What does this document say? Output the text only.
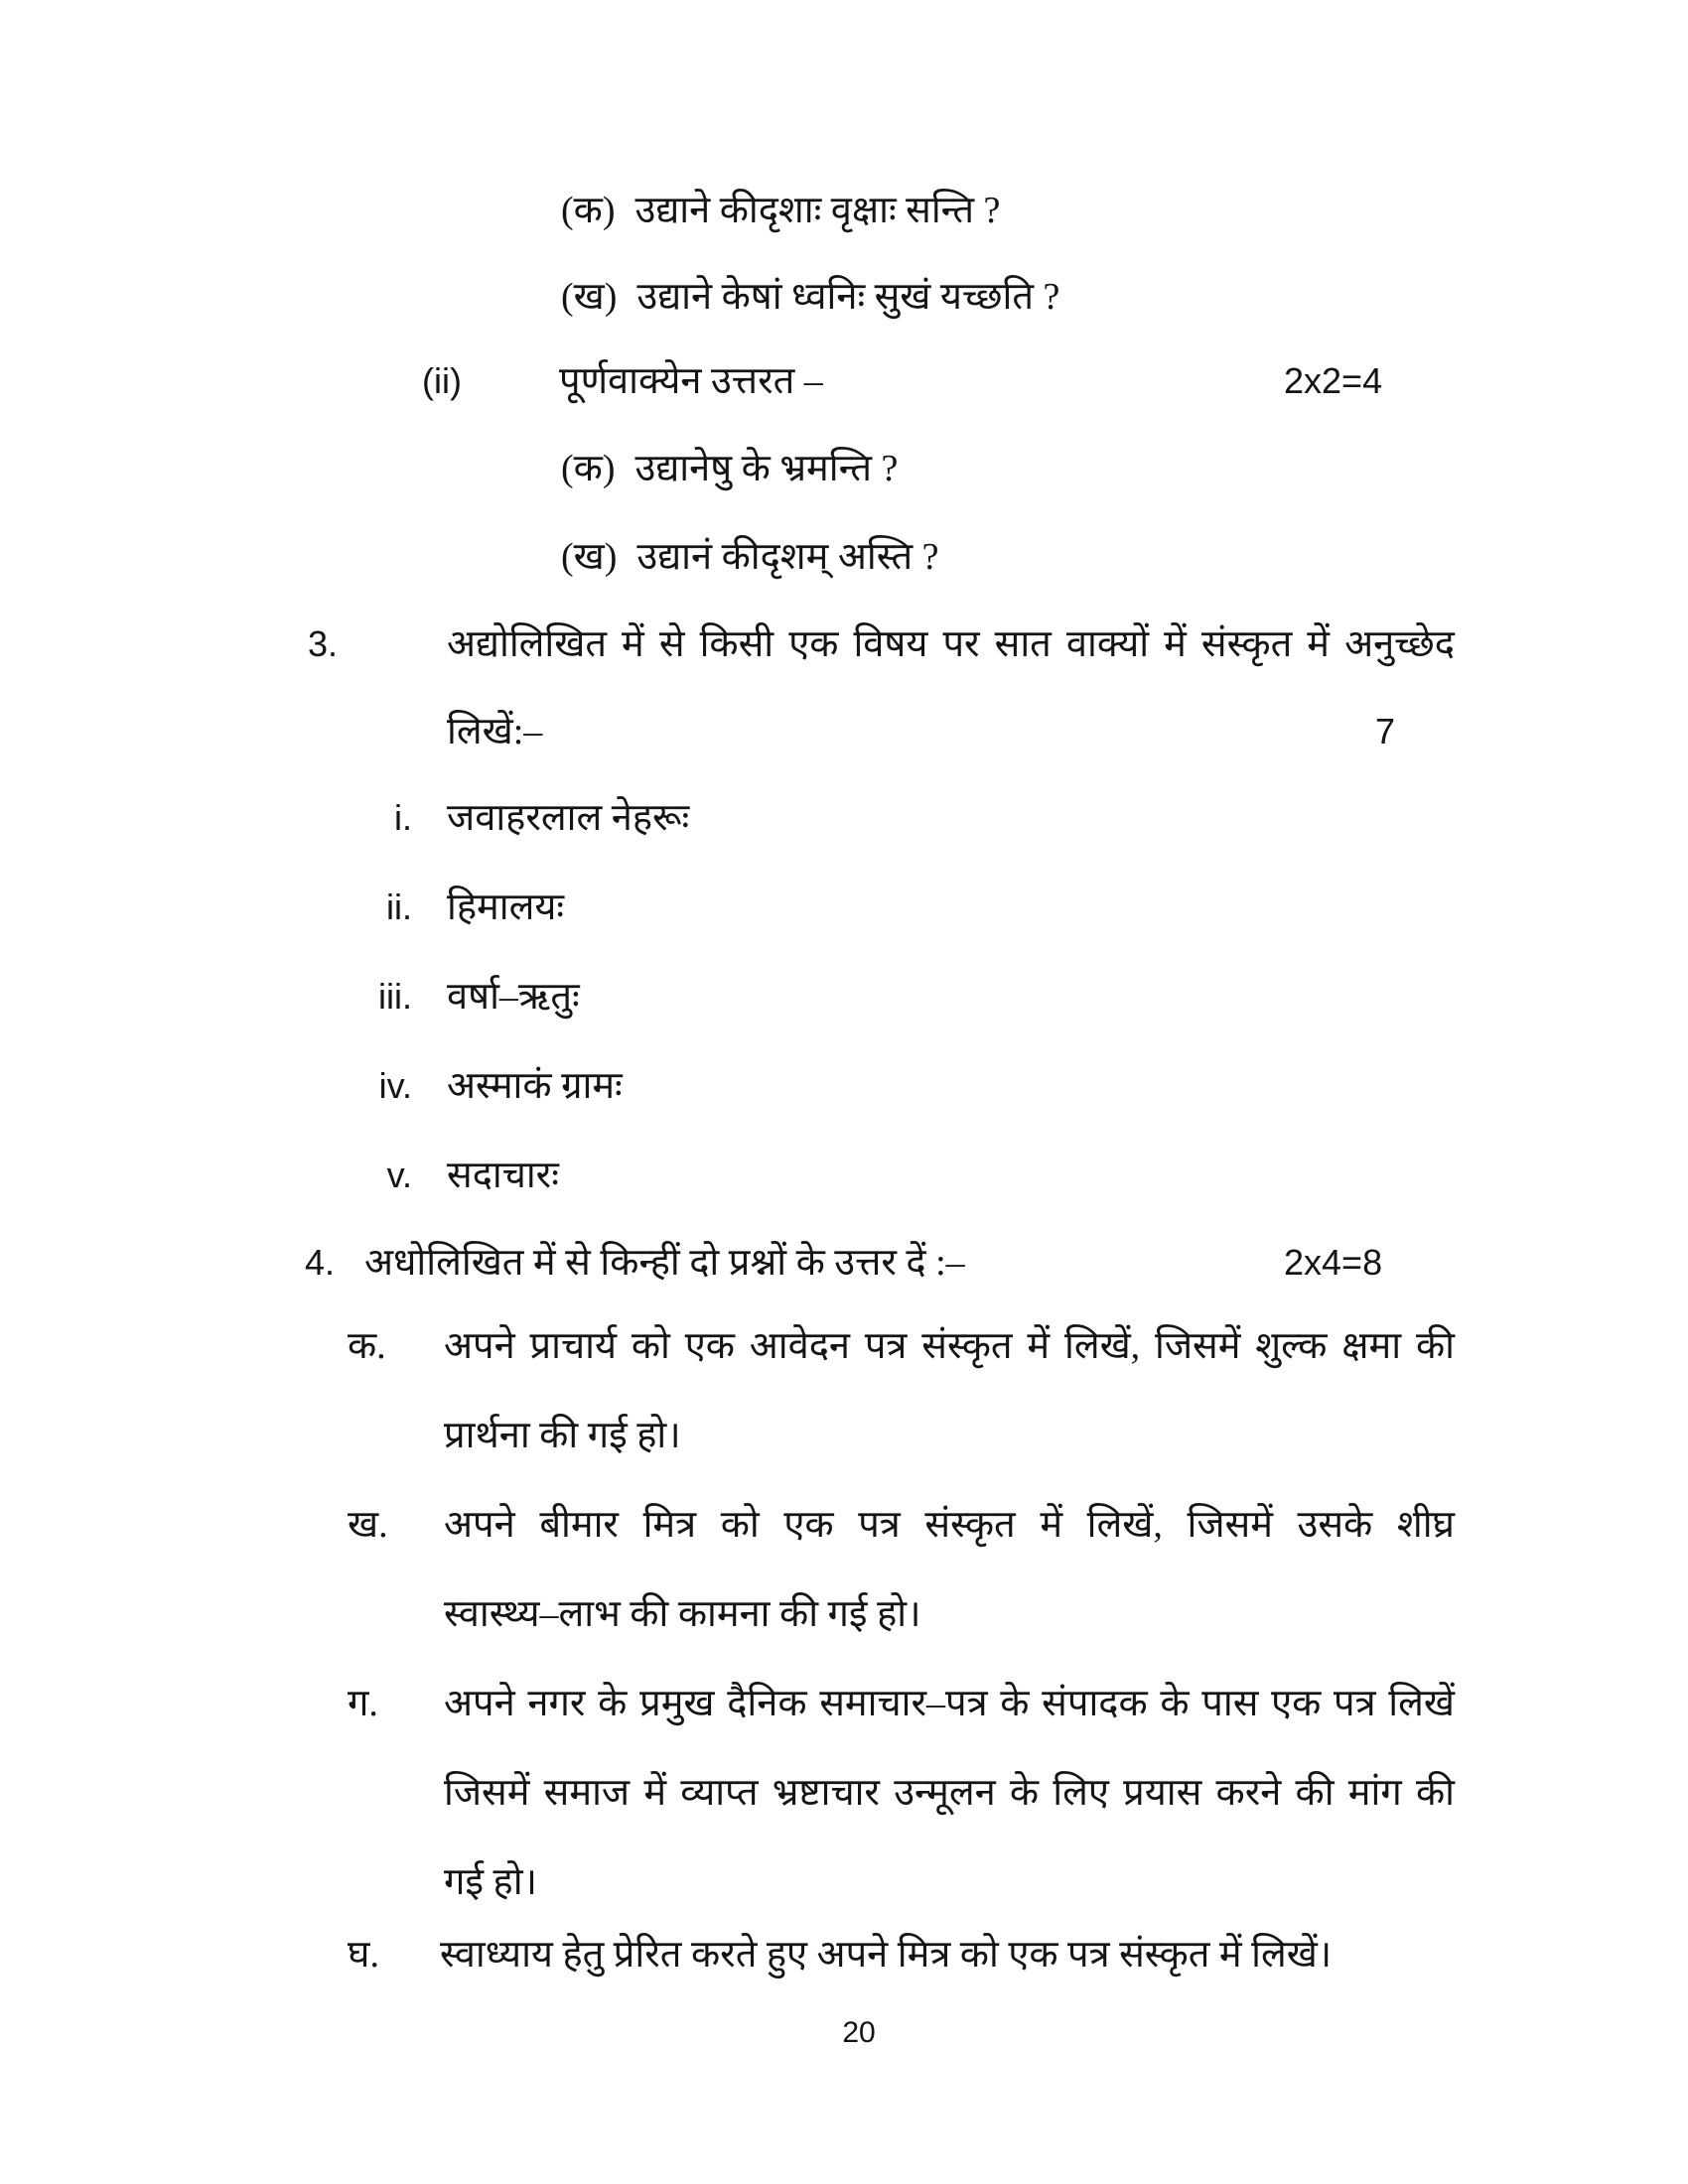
(क) उद्याने कीदृशाः वृक्षाः सन्ति ?
(ख) उद्याने केषां ध्वनिः सुखं यच्छति ?
(ii)	पूर्णवाक्येन उत्तरत –	2x2=4
(क) उद्यानेषु के भ्रमन्ति ?
(ख) उद्यानं कीदृशम् अस्ति ?
3.	अद्योलिखित में से किसी एक विषय पर सात वाक्यों में संस्कृत में अनुच्छेद
लिखें:–	7
i. जवाहरलाल नेहरूः
ii. हिमालयः
iii. वर्षा–ऋतुः
iv. अस्माकं ग्रामः
v. सदाचारः
4. अधोलिखित में से किन्हीं दो प्रश्नों के उत्तर दें :–	2x4=8
क. अपने प्राचार्य को एक आवेदन पत्र संस्कृत में लिखें, जिसमें शुल्क क्षमा की
प्रार्थना की गई हो।
ख. अपने बीमार मित्र को एक पत्र संस्कृत में लिखें, जिसमें उसके शीघ्र
स्वास्थ्य–लाभ की कामना की गई हो।
ग. अपने नगर के प्रमुख दैनिक समाचार–पत्र के संपादक के पास एक पत्र लिखें
जिसमें समाज में व्याप्त भ्रष्टाचार उन्मूलन के लिए प्रयास करने की मांग की
गई हो।
घ. स्वाध्याय हेतु प्रेरित करते हुए अपने मित्र को एक पत्र संस्कृत में लिखें।
20
